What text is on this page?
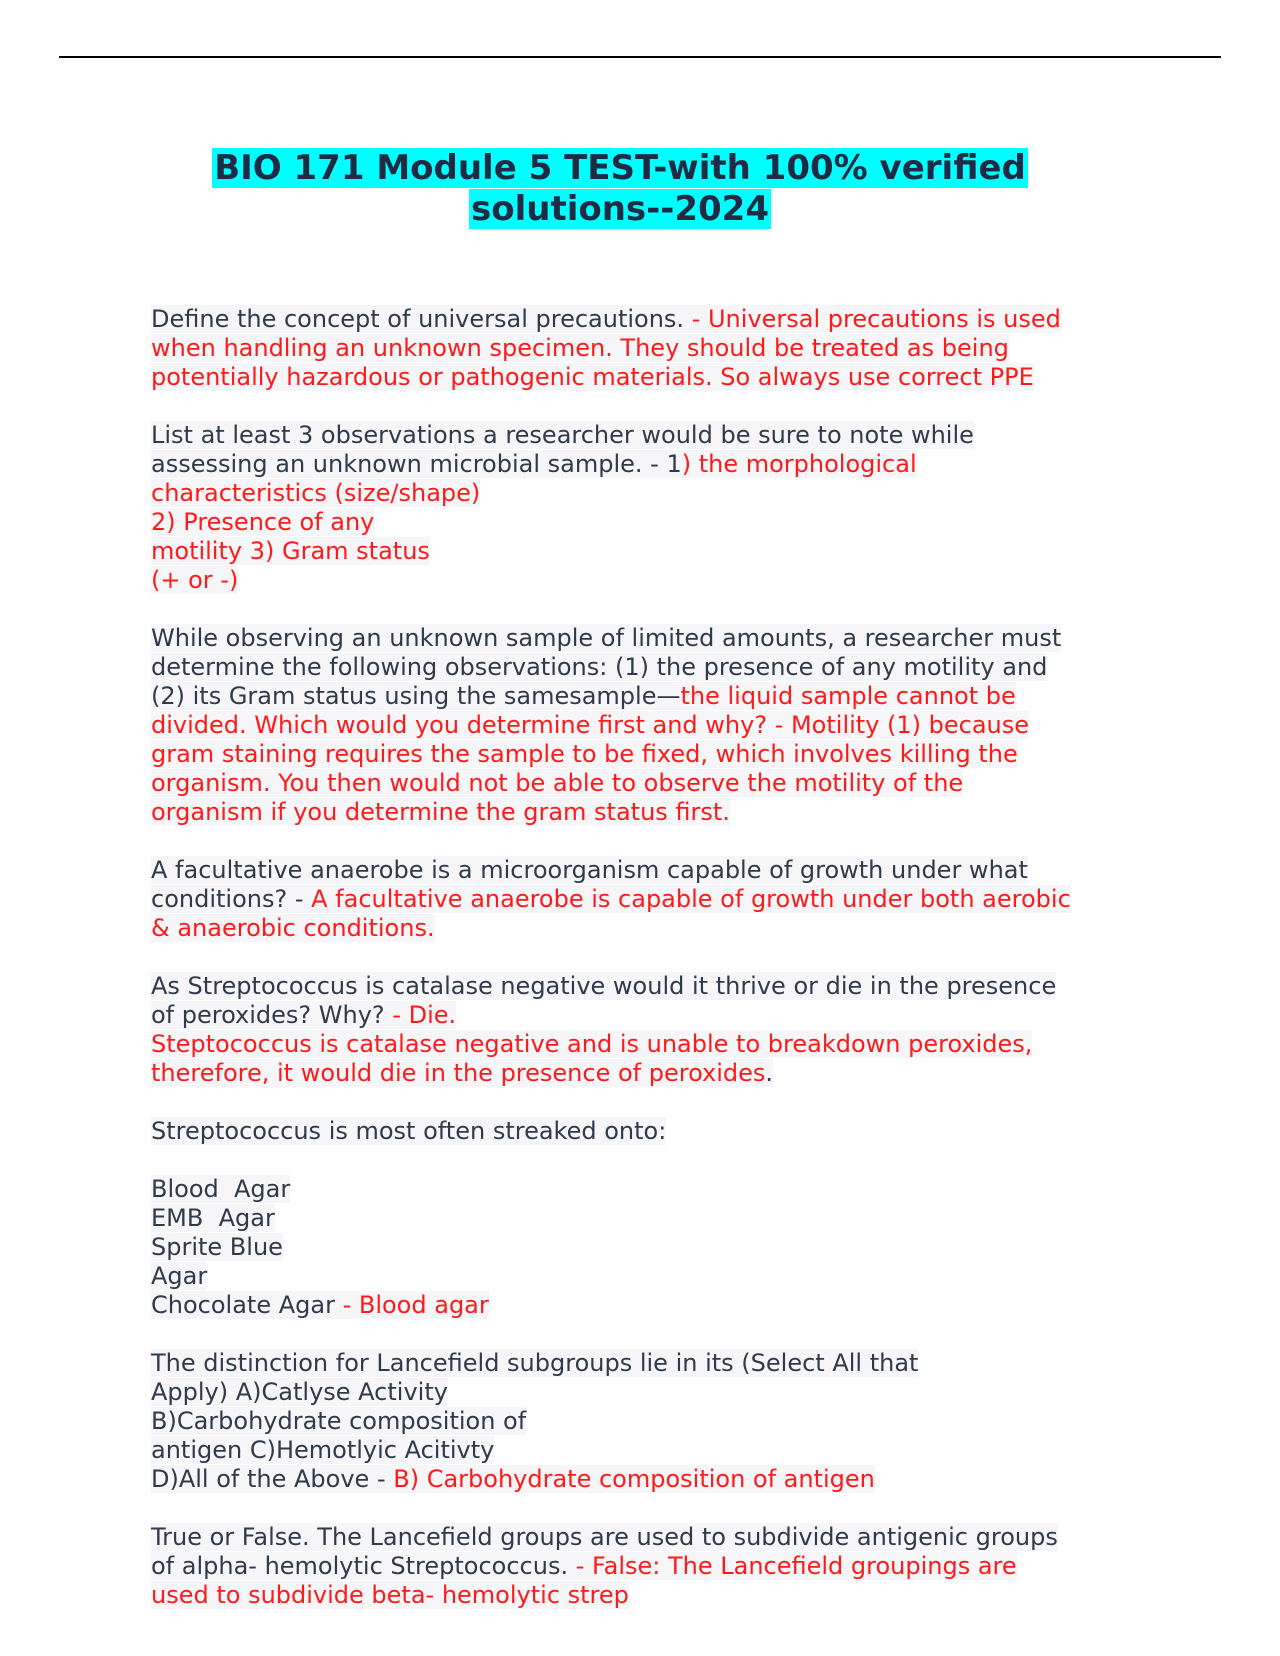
BIO 171 Module 5 TEST-with 100% verified
solutions--2024
Define the concept of universal precautions. - Universal precautions is used
when handling an unknown specimen. They should be treated as being
potentially hazardous or pathogenic materials. So always use correct PPE
List at least 3 observations a researcher would be sure to note while
assessing an unknown microbial sample. - 1) the morphological
characteristics (size/shape)
2) Presence of any
motility 3) Gram status
(+ or -)
While observing an unknown sample of limited amounts, a researcher must
determine the following observations: (1) the presence of any motility and
(2) its Gram status using the samesample—the liquid sample cannot be
divided. Which would you determine first and why? - Motility (1) because
gram staining requires the sample to be fixed, which involves killing the
organism. You then would not be able to observe the motility of the
organism if you determine the gram status first.
A facultative anaerobe is a microorganism capable of growth under what
conditions? - A facultative anaerobe is capable of growth under both aerobic
& anaerobic conditions.
As Streptococcus is catalase negative would it thrive or die in the presence
of peroxides? Why? - Die.
Steptococcus is catalase negative and is unable to breakdown peroxides,
therefore, it would die in the presence of peroxides.
Streptococcus is most often streaked onto:
Blood  Agar
EMB  Agar
Sprite Blue
Agar
Chocolate Agar - Blood agar
The distinction for Lancefield subgroups lie in its (Select All that
Apply) A)Catlyse Activity
B)Carbohydrate composition of
antigen C)Hemotlyic Acitivty
D)All of the Above - B) Carbohydrate composition of antigen
True or False. The Lancefield groups are used to subdivide antigenic groups
of alpha- hemolytic Streptococcus. - False: The Lancefield groupings are
used to subdivide beta- hemolytic strep
